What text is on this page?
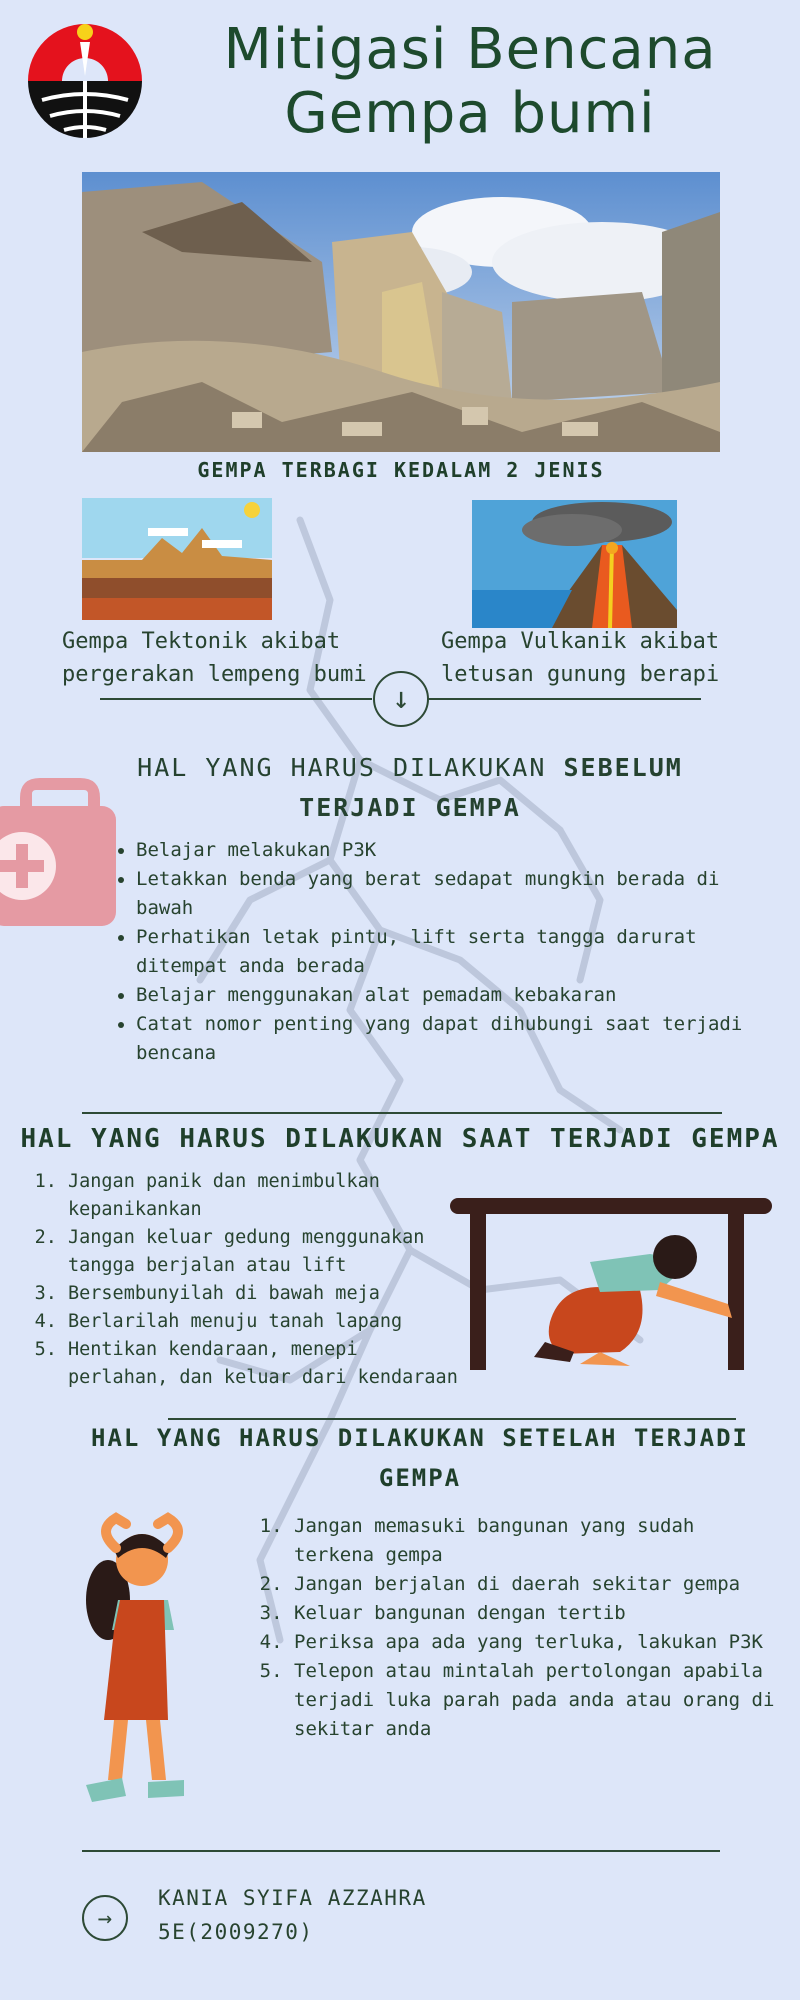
Mitigasi Bencana
Gempa bumi
GEMPA TERBAGI KEDALAM 2 JENIS
Gempa Tektonik akibat
pergerakan lempeng bumi
Gempa Vulkanik akibat
letusan gunung berapi
↓
HAL YANG HARUS DILAKUKAN SEBELUM
TERJADI GEMPA
• Belajar melakukan P3K
• Letakkan benda yang berat sedapat mungkin berada di bawah
• Perhatikan letak pintu, lift serta tangga darurat ditempat anda berada
• Belajar menggunakan alat pemadam kebakaran
• Catat nomor penting yang dapat dihubungi saat terjadi bencana
HAL YANG HARUS DILAKUKAN SAAT TERJADI GEMPA
1. Jangan panik dan menimbulkan kepanikankan
2. Jangan keluar gedung menggunakan tangga berjalan atau lift
3. Bersembunyilah di bawah meja
4. Berlarilah menuju tanah lapang
5. Hentikan kendaraan, menepi perlahan, dan keluar dari kendaraan
HAL YANG HARUS DILAKUKAN SETELAH TERJADI GEMPA
1. Jangan memasuki bangunan yang sudah terkena gempa
2. Jangan berjalan di daerah sekitar gempa
3. Keluar bangunan dengan tertib
4. Periksa apa ada yang terluka, lakukan P3K
5. Telepon atau mintalah pertolongan apabila terjadi luka parah pada anda atau orang di sekitar anda
→
KANIA SYIFA AZZAHRA
5E(2009270)
